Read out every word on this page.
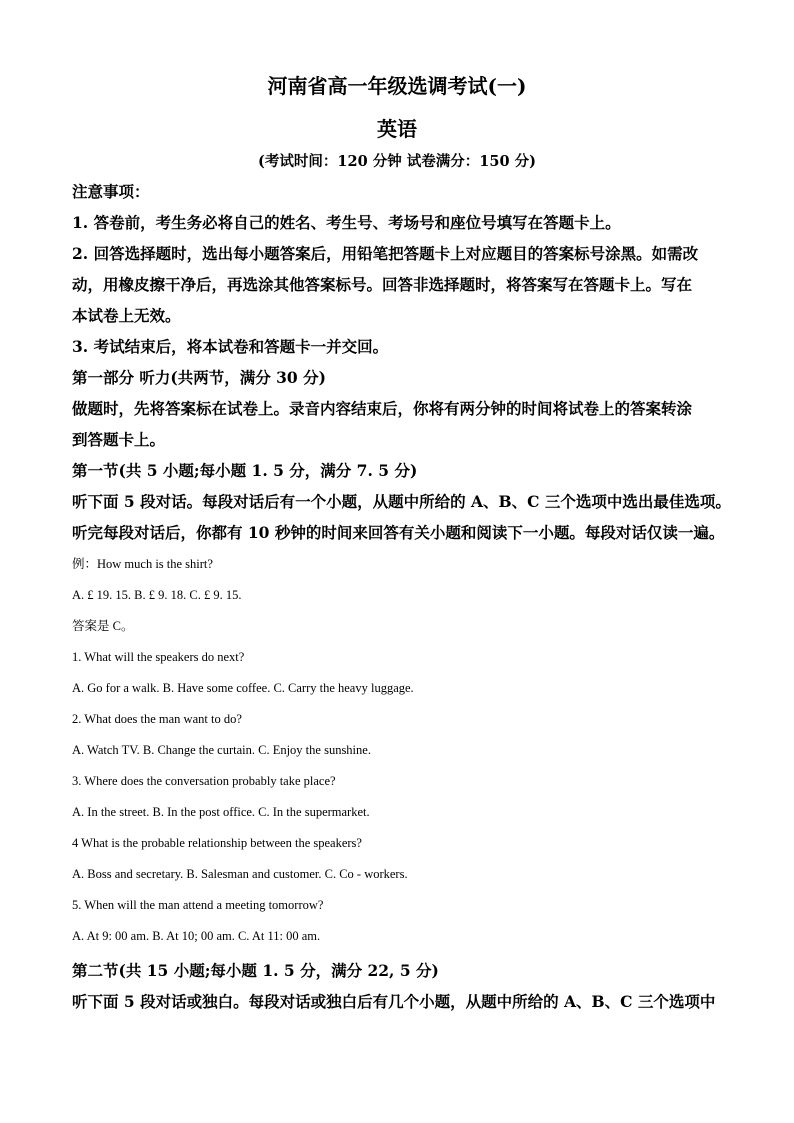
河南省高一年级选调考试(一)
英语
(考试时间：120 分钟 试卷满分：150 分)
注意事项：
1. 答卷前，考生务必将自己的姓名、考生号、考场号和座位号填写在答题卡上。
2. 回答选择题时，选出每小题答案后，用铅笔把答题卡上对应题目的答案标号涂黑。如需改
动，用橡皮擦干净后，再选涂其他答案标号。回答非选择题时，将答案写在答题卡上。写在
本试卷上无效。
3. 考试结束后，将本试卷和答题卡一并交回。
第一部分 听力(共两节，满分 30 分)
做题时，先将答案标在试卷上。录音内容结束后，你将有两分钟的时间将试卷上的答案转涂
到答题卡上。
第一节(共 5 小题;每小题 1. 5 分，满分 7. 5 分)
听下面 5 段对话。每段对话后有一个小题，从题中所给的 A、B、C 三个选项中选出最佳选项。
听完每段对话后，你都有 10 秒钟的时间来回答有关小题和阅读下一小题。每段对话仅读一遍。
例：How much is the shirt?
A. £ 19. 15. B. £ 9. 18. C. £ 9. 15.
答案是 C。
1. What will the speakers do next?
A. Go for a walk. B. Have some coffee. C. Carry the heavy luggage.
2. What does the man want to do?
A. Watch TV. B. Change the curtain. C. Enjoy the sunshine.
3. Where does the conversation probably take place?
A. In the street. B. In the post office. C. In the supermarket.
4 What is the probable relationship between the speakers?
A. Boss and secretary. B. Salesman and customer. C. Co - workers.
5. When will the man attend a meeting tomorrow?
A. At 9: 00 am. B. At 10; 00 am. C. At 11: 00 am.
第二节(共 15 小题;每小题 1. 5 分，满分 22, 5 分)
听下面 5 段对话或独白。每段对话或独白后有几个小题，从题中所给的 A、B、C 三个选项中
